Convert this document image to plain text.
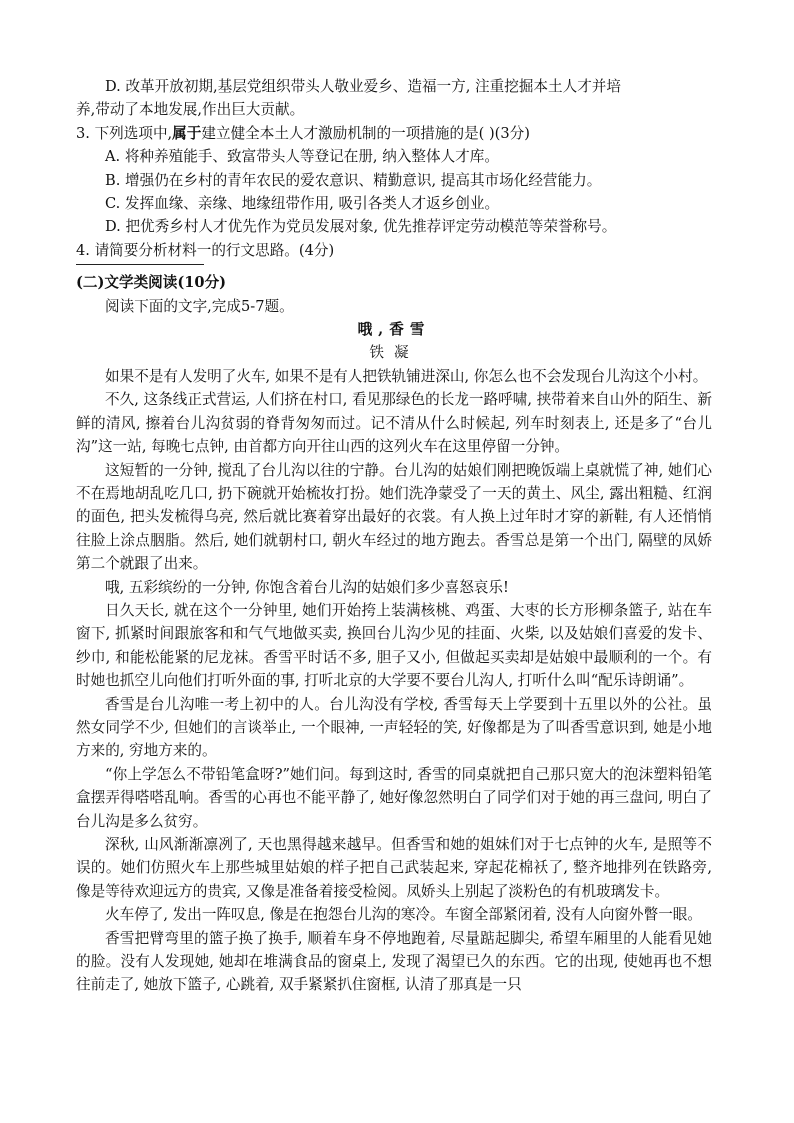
D. 改革开放初期,基层党组织带头人敬业爱乡、造福一方, 注重挖掘本土人才并培
养,带动了本地发展,作出巨大贡献。
3. 下列选项中,属于建立健全本土人才激励机制的一项措施的是( )(3分)
A. 将种养殖能手、致富带头人等登记在册, 纳入整体人才库。
B. 增强仍在乡村的青年农民的爱农意识、精勤意识, 提高其市场化经营能力。
C. 发挥血缘、亲缘、地缘纽带作用, 吸引各类人才返乡创业。
D. 把优秀乡村人才优先作为党员发展对象, 优先推荐评定劳动模范等荣誉称号。
4. 请简要分析材料一的行文思路。(4分)
(二)文学类阅读(10分)
阅读下面的文字,完成5-7题。
哦,香雪
铁凝
如果不是有人发明了火车, 如果不是有人把铁轨铺进深山, 你怎么也不会发现台儿沟这个小村。
不久, 这条线正式营运, 人们挤在村口, 看见那绿色的长龙一路呼啸, 挟带着来自山外的陌生、新鲜的清风, 擦着台儿沟贫弱的脊背匆匆而过。记不清从什么时候起, 列车时刻表上, 还是多了“台儿沟”这一站, 每晚七点钟, 由首都方向开往山西的这列火车在这里停留一分钟。
这短暂的一分钟, 搅乱了台儿沟以往的宁静。台儿沟的姑娘们刚把晚饭端上桌就慌了神, 她们心不在焉地胡乱吃几口, 扔下碗就开始梳妆打扮。她们洗净蒙受了一天的黄土、风尘, 露出粗糙、红润的面色, 把头发梳得乌亮, 然后就比赛着穿出最好的衣裳。有人换上过年时才穿的新鞋, 有人还悄悄往脸上涂点胭脂。然后, 她们就朝村口, 朝火车经过的地方跑去。香雪总是第一个出门, 隔壁的凤娇第二个就跟了出来。
哦, 五彩缤纷的一分钟, 你饱含着台儿沟的姑娘们多少喜怒哀乐!
日久天长, 就在这个一分钟里, 她们开始挎上装满核桃、鸡蛋、大枣的长方形柳条篮子, 站在车窗下, 抓紧时间跟旅客和和气气地做买卖, 换回台儿沟少见的挂面、火柴, 以及姑娘们喜爱的发卡、纱巾, 和能松能紧的尼龙袜。香雪平时话不多, 胆子又小, 但做起买卖却是姑娘中最顺利的一个。有时她也抓空儿向他们打听外面的事, 打听北京的大学要不要台儿沟人, 打听什么叫“配乐诗朗诵”。
香雪是台儿沟唯一考上初中的人。台儿沟没有学校, 香雪每天上学要到十五里以外的公社。虽然女同学不少, 但她们的言谈举止, 一个眼神, 一声轻轻的笑, 好像都是为了叫香雪意识到, 她是小地方来的, 穷地方来的。
“你上学怎么不带铅笔盒呀?”她们问。每到这时, 香雪的同桌就把自己那只宽大的泡沫塑料铅笔盒摆弄得嗒嗒乱响。香雪的心再也不能平静了, 她好像忽然明白了同学们对于她的再三盘问, 明白了台儿沟是多么贫穷。
深秋, 山风渐渐凛冽了, 天也黑得越来越早。但香雪和她的姐妹们对于七点钟的火车, 是照等不误的。她们仿照火车上那些城里姑娘的样子把自己武装起来, 穿起花棉袄了, 整齐地排列在铁路旁, 像是等待欢迎远方的贵宾, 又像是准备着接受检阅。凤娇头上别起了淡粉色的有机玻璃发卡。
火车停了, 发出一阵叹息, 像是在抱怨台儿沟的寒冷。车窗全部紧闭着, 没有人向窗外瞥一眼。
香雪把臂弯里的篮子换了换手, 顺着车身不停地跑着, 尽量踮起脚尖, 希望车厢里的人能看见她的脸。没有人发现她, 她却在堆满食品的窗桌上, 发现了渴望已久的东西。它的出现, 使她再也不想往前走了, 她放下篮子, 心跳着, 双手紧紧扒住窗框, 认清了那真是一只
